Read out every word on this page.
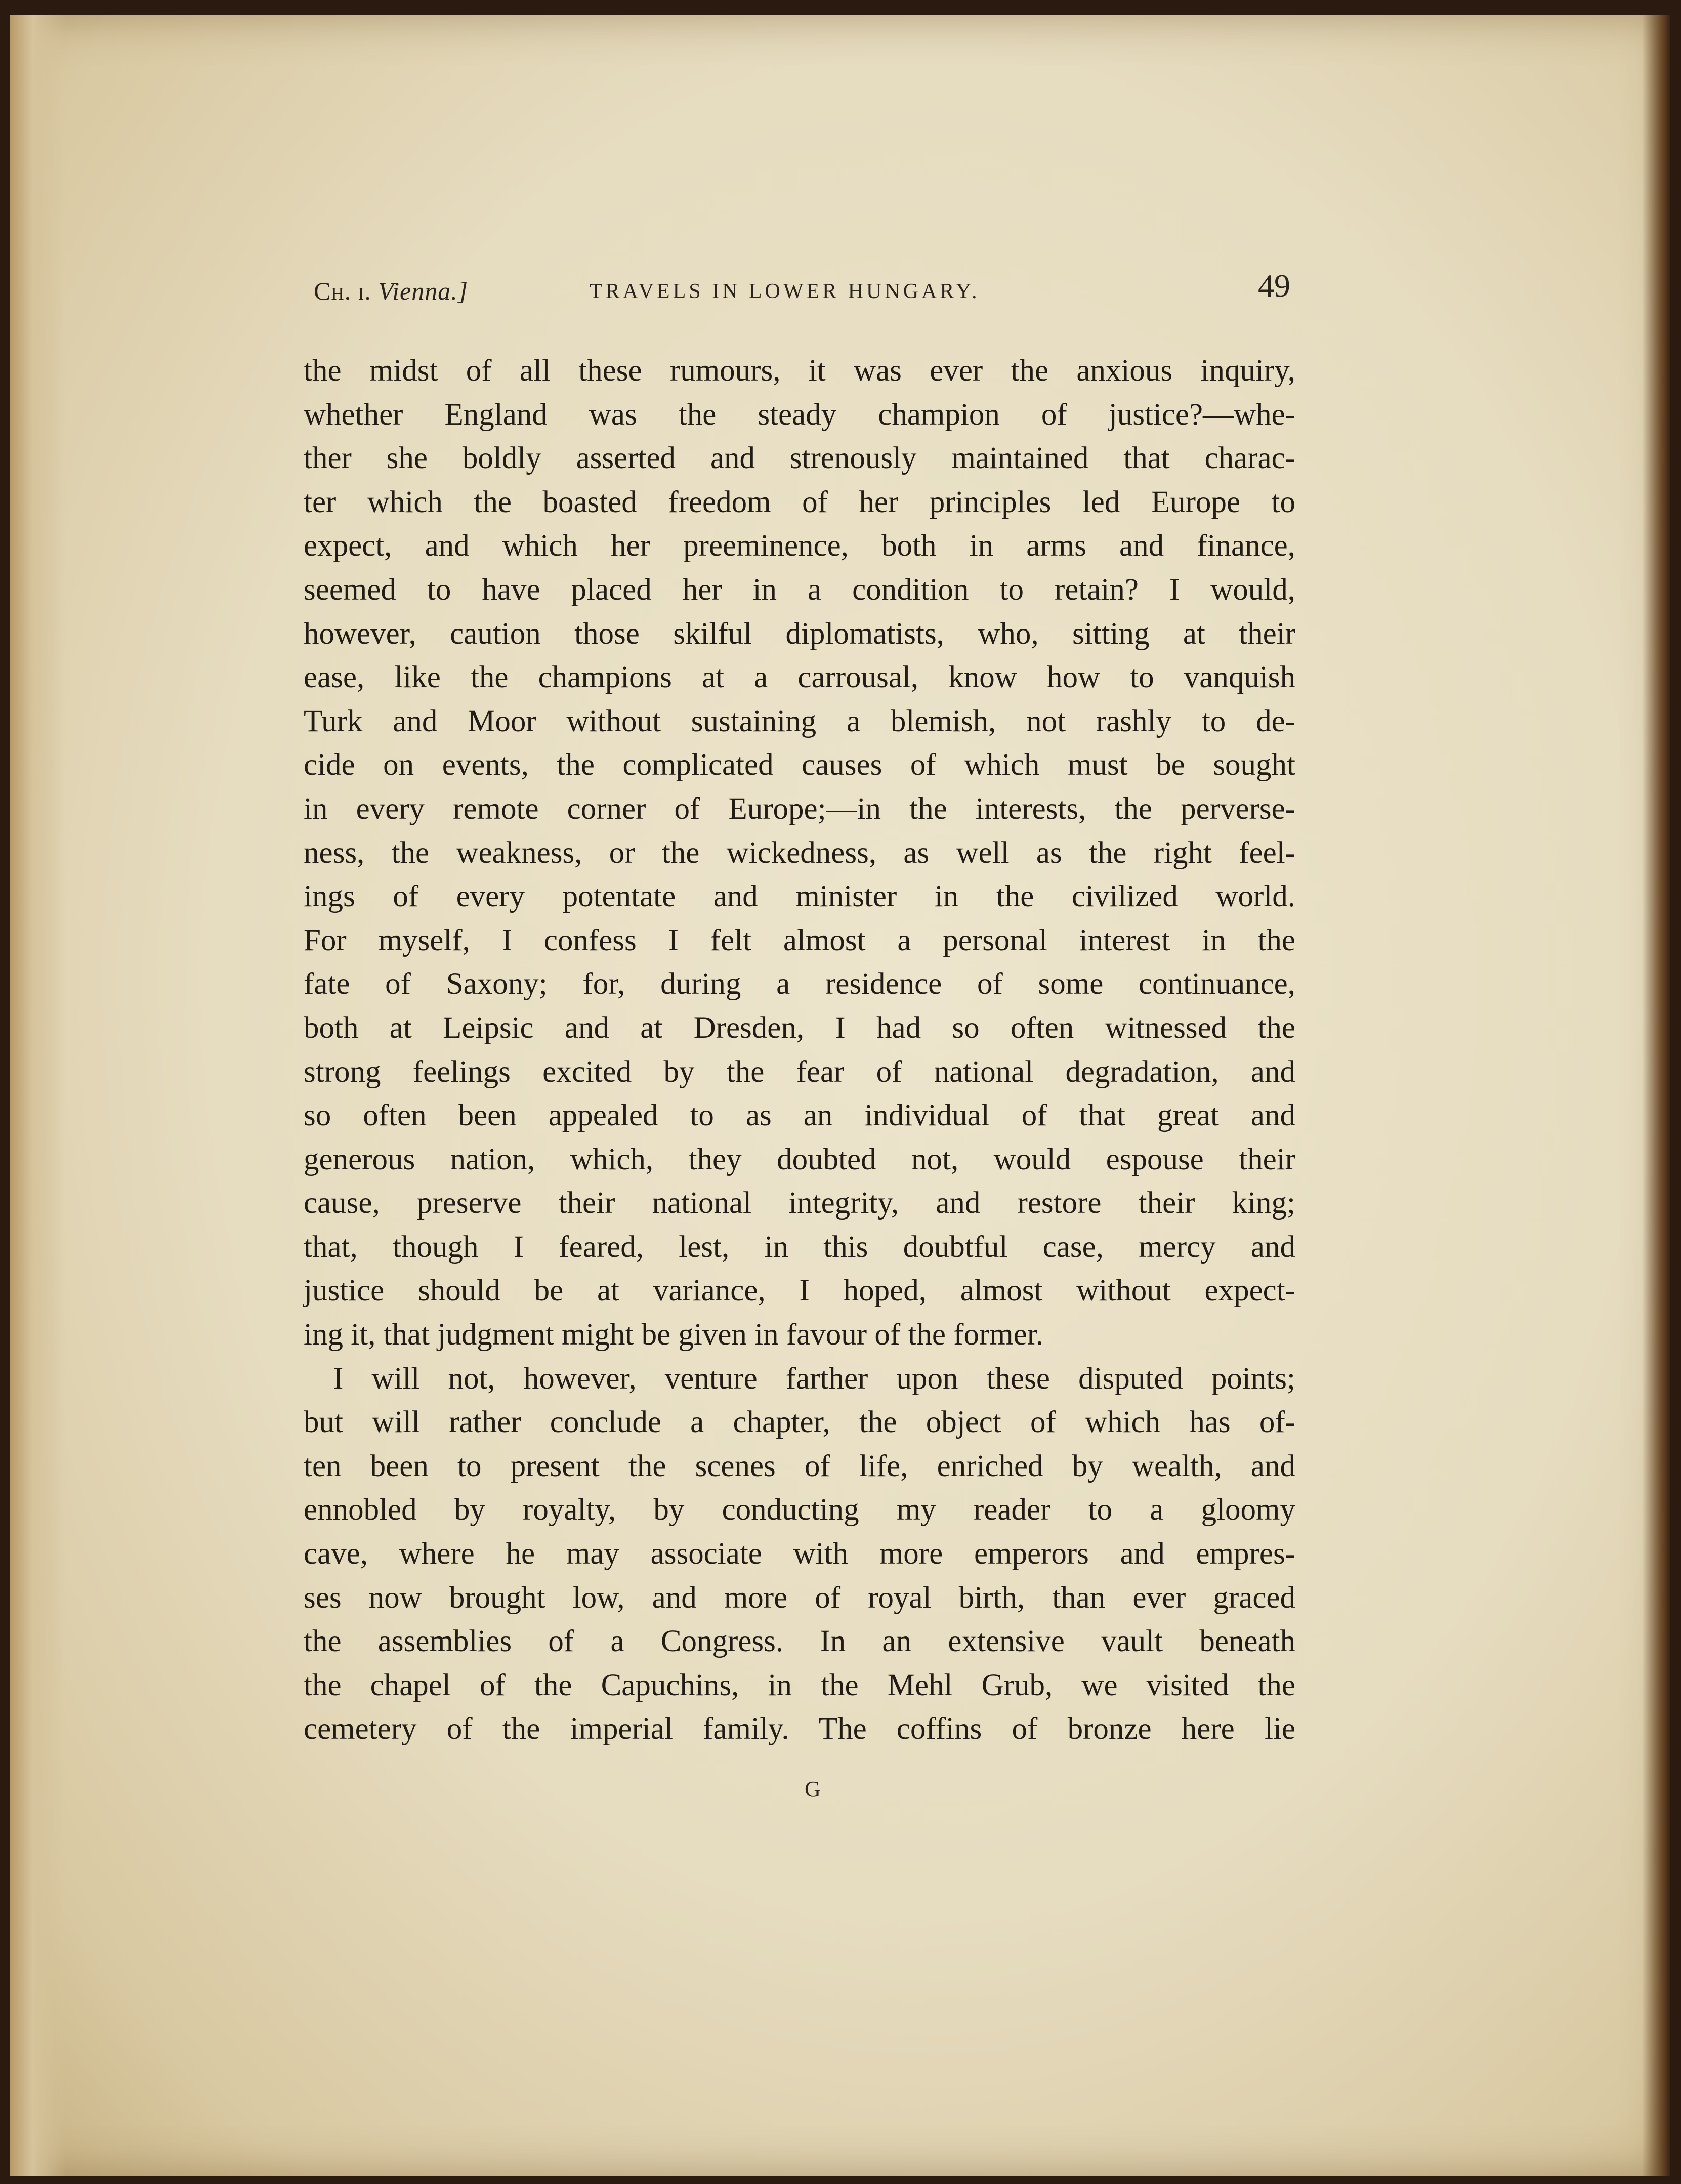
Ch. i. Vienna.]	TRAVELS IN LOWER HUNGARY.	49
the midst of all these rumours, it was ever the anxious inquiry,
whether England was the steady champion of justice?—whe-
ther she boldly asserted and strenously maintained that charac-
ter which the boasted freedom of her principles led Europe to
expect, and which her preeminence, both in arms and finance,
seemed to have placed her in a condition to retain? I would,
however, caution those skilful diplomatists, who, sitting at their
ease, like the champions at a carrousal, know how to vanquish
Turk and Moor without sustaining a blemish, not rashly to de-
cide on events, the complicated causes of which must be sought
in every remote corner of Europe;—in the interests, the perverse-
ness, the weakness, or the wickedness, as well as the right feel-
ings of every potentate and minister in the civilized world.
For myself, I confess I felt almost a personal interest in the
fate of Saxony; for, during a residence of some continuance,
both at Leipsic and at Dresden, I had so often witnessed the
strong feelings excited by the fear of national degradation, and
so often been appealed to as an individual of that great and
generous nation, which, they doubted not, would espouse their
cause, preserve their national integrity, and restore their king;
that, though I feared, lest, in this doubtful case, mercy and
justice should be at variance, I hoped, almost without expect-
ing it, that judgment might be given in favour of the former.
I will not, however, venture farther upon these disputed points;
but will rather conclude a chapter, the object of which has of-
ten been to present the scenes of life, enriched by wealth, and
ennobled by royalty, by conducting my reader to a gloomy
cave, where he may associate with more emperors and empres-
ses now brought low, and more of royal birth, than ever graced
the assemblies of a Congress. In an extensive vault beneath
the chapel of the Capuchins, in the Mehl Grub, we visited the
cemetery of the imperial family. The coffins of bronze here lie
G
